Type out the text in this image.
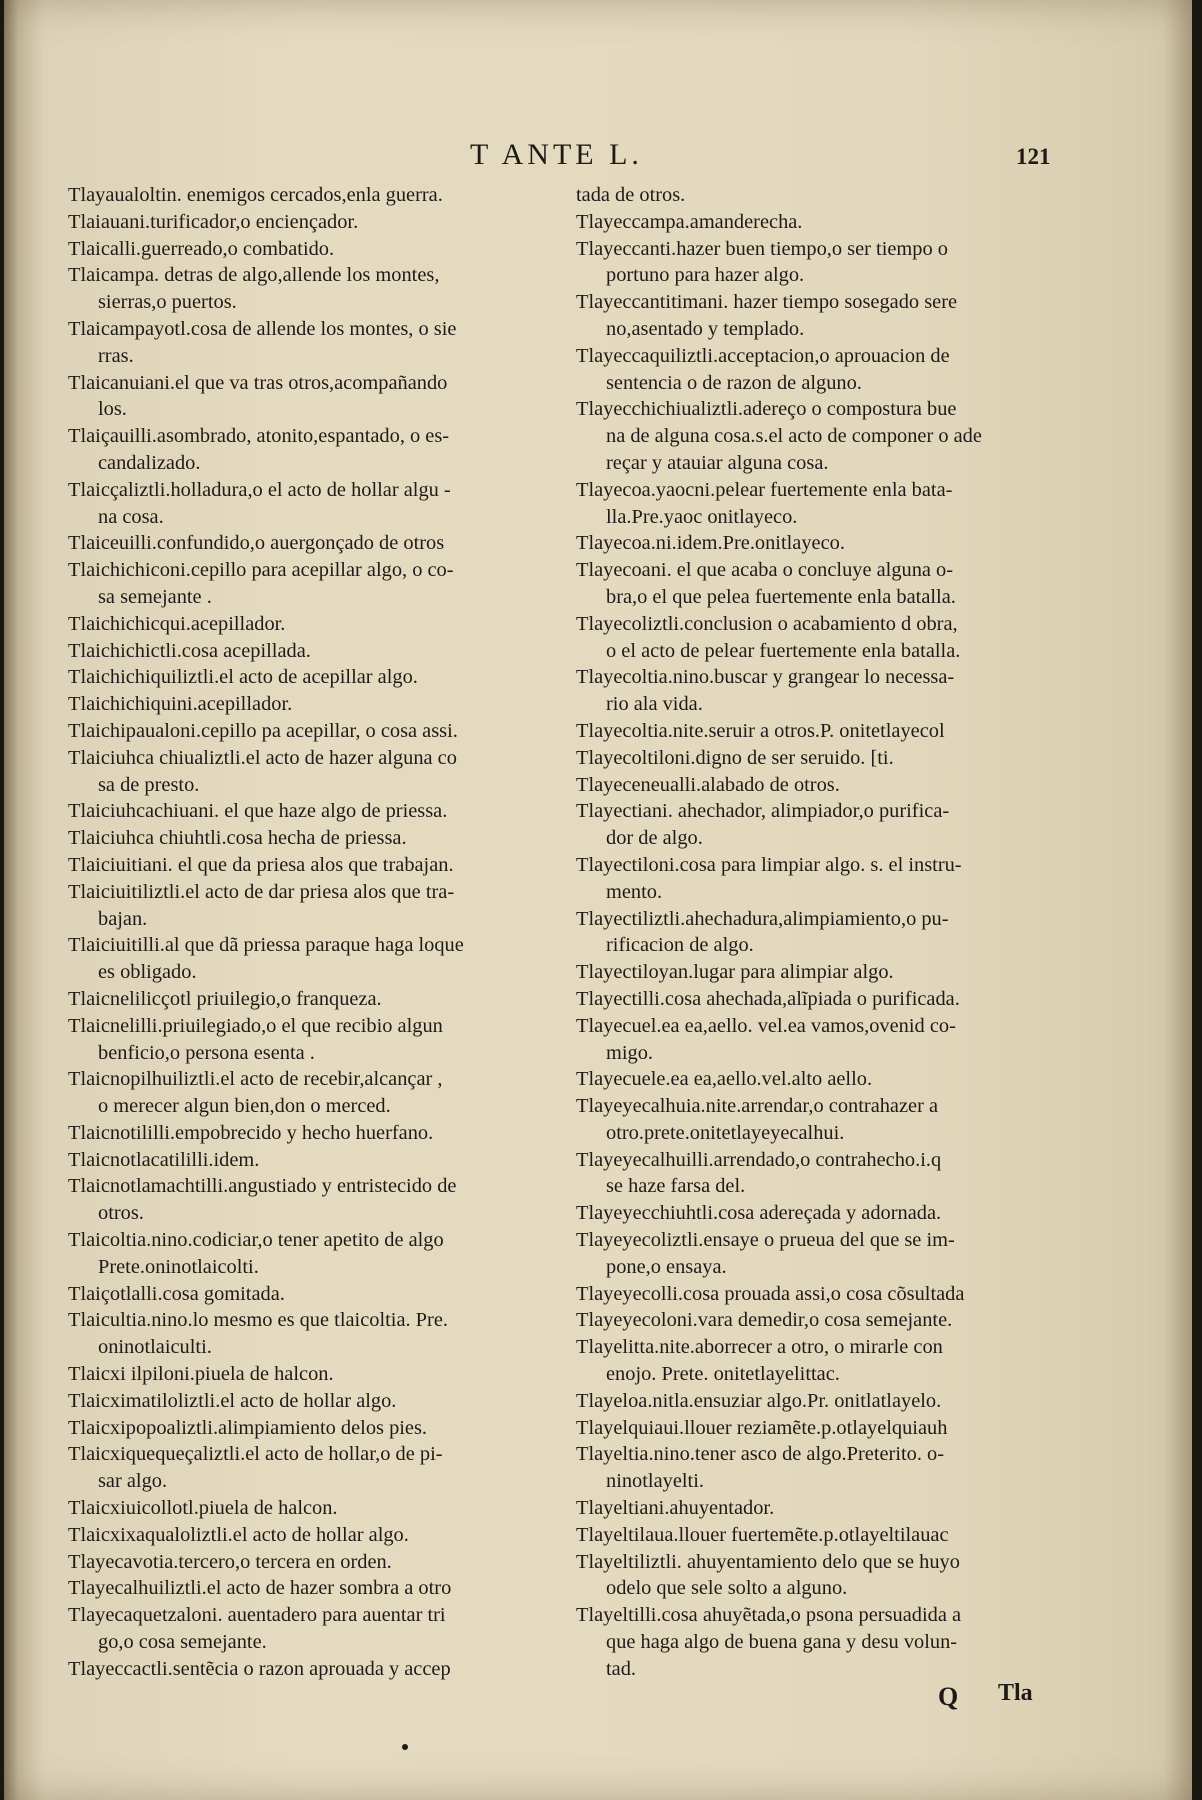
T ANTE L.	121
Tlayaualoltin. enemigos cercados,enla guerra.
Tlaiauani.turificador,o enciençador.
Tlaicalli.guerreado,o combatido.
Tlaicampa. detras de algo,allende los montes,
sierras,o puertos.
Tlaicampayotl.cosa de allende los montes, o sie
rras.
Tlaicanuiani.el que va tras otros,acompañando
los.
Tlaiçauilli.asombrado, atonito,espantado, o es-
candalizado.
Tlaicçaliztli.holladura,o el acto de hollar algu -
na cosa.
Tlaiceuilli.confundido,o auergonçado de otros
Tlaichichiconi.cepillo para acepillar algo, o co-
sa semejante .
Tlaichichicqui.acepillador.
Tlaichichictli.cosa acepillada.
Tlaichichiquiliztli.el acto de acepillar algo.
Tlaichichiquini.acepillador.
Tlaichipaualoni.cepillo pa acepillar, o cosa assi.
Tlaiciuhca chiualiztli.el acto de hazer alguna co
sa de presto.
Tlaiciuhcachiuani. el que haze algo de priessa.
Tlaiciuhca chiuhtli.cosa hecha de priessa.
Tlaiciuitiani. el que da priesa alos que trabajan.
Tlaiciuitiliztli.el acto de dar priesa alos que tra-
bajan.
Tlaiciuitilli.al que dã priessa paraque haga loque
es obligado.
Tlaicnelilicçotl priuilegio,o franqueza.
Tlaicnelilli.priuilegiado,o el que recibio algun
benficio,o persona esenta .
Tlaicnopilhuiliztli.el acto de recebir,alcançar ,
o merecer algun bien,don o merced.
Tlaicnotililli.empobrecido y hecho huerfano.
Tlaicnotlacatililli.idem.
Tlaicnotlamachtilli.angustiado y entristecido de
otros.
Tlaicoltia.nino.codiciar,o tener apetito de algo
Prete.oninotlaicolti.
Tlaiçotlalli.cosa gomitada.
Tlaicultia.nino.lo mesmo es que tlaicoltia. Pre.
oninotlaiculti.
Tlaicxi ilpiloni.piuela de halcon.
Tlaicximatiloliztli.el acto de hollar algo.
Tlaicxipopoaliztli.alimpiamiento delos pies.
Tlaicxiquequeçaliztli.el acto de hollar,o de pi-
sar algo.
Tlaicxiuicollotl.piuela de halcon.
Tlaicxixaqualoliztli.el acto de hollar algo.
Tlayecavotia.tercero,o tercera en orden.
Tlayecalhuiliztli.el acto de hazer sombra a otro
Tlayecaquetzaloni. auentadero para auentar tri
go,o cosa semejante.
Tlayeccactli.sentẽcia o razon aprouada y accep
tada de otros.
Tlayeccampa.amanderecha.
Tlayeccanti.hazer buen tiempo,o ser tiempo o
portuno para hazer algo.
Tlayeccantitimani. hazer tiempo sosegado sere
no,asentado y templado.
Tlayeccaquiliztli.acceptacion,o aprouacion de
sentencia o de razon de alguno.
Tlayecchichiualiztli.adereço o compostura bue
na de alguna cosa.s.el acto de componer o ade
reçar y atauiar alguna cosa.
Tlayecoa.yaocni.pelear fuertemente enla bata-
lla.Pre.yaoc onitlayeco.
Tlayecoa.ni.idem.Pre.onitlayeco.
Tlayecoani. el que acaba o concluye alguna o-
bra,o el que pelea fuertemente enla batalla.
Tlayecoliztli.conclusion o acabamiento d obra,
o el acto de pelear fuertemente enla batalla.
Tlayecoltia.nino.buscar y grangear lo necessa-
rio ala vida.
Tlayecoltia.nite.seruir a otros.P. onitetlayecol
Tlayecoltiloni.digno de ser seruido. [ti.
Tlayeceneualli.alabado de otros.
Tlayectiani. ahechador, alimpiador,o purifica-
dor de algo.
Tlayectiloni.cosa para limpiar algo. s. el instru-
mento.
Tlayectiliztli.ahechadura,alimpiamiento,o pu-
rificacion de algo.
Tlayectiloyan.lugar para alimpiar algo.
Tlayectilli.cosa ahechada,alĩpiada o purificada.
Tlayecuel.ea ea,aello. vel.ea vamos,ovenid co-
migo.
Tlayecuele.ea ea,aello.vel.alto aello.
Tlayeyecalhuia.nite.arrendar,o contrahazer a
otro.prete.onitetlayeyecalhui.
Tlayeyecalhuilli.arrendado,o contrahecho.i.q
se haze farsa del.
Tlayeyecchiuhtli.cosa adereçada y adornada.
Tlayeyecoliztli.ensaye o prueua del que se im-
pone,o ensaya.
Tlayeyecolli.cosa prouada assi,o cosa cõsultada
Tlayeyecoloni.vara demedir,o cosa semejante.
Tlayelitta.nite.aborrecer a otro, o mirarle con
enojo. Prete. onitetlayelittac.
Tlayeloa.nitla.ensuziar algo.Pr. onitlatlayelo.
Tlayelquiaui.llouer reziamẽte.p.otlayelquiauh
Tlayeltia.nino.tener asco de algo.Preterito. o-
ninotlayelti.
Tlayeltiani.ahuyentador.
Tlayeltilaua.llouer fuertemẽte.p.otlayeltilauac
Tlayeltiliztli. ahuyentamiento delo que se huyo
odelo que sele solto a alguno.
Tlayeltilli.cosa ahuyẽtada,o psona persuadida a
que haga algo de buena gana y desu volun-
tad.
Q Tla
